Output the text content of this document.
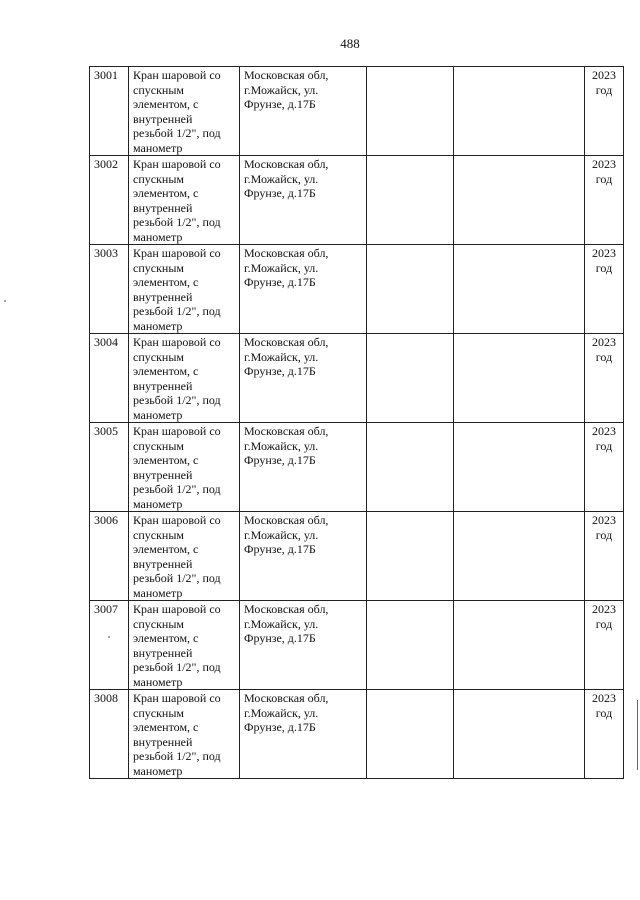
488
3001	Кран шаровой со спускным элементом, с внутренней резьбой 1/2", под манометр	Московская обл, г.Можайск, ул. Фрунзе, д.17Б			2023 год
3002	Кран шаровой со спускным элементом, с внутренней резьбой 1/2", под манометр	Московская обл, г.Можайск, ул. Фрунзе, д.17Б			2023 год
3003	Кран шаровой со спускным элементом, с внутренней резьбой 1/2", под манометр	Московская обл, г.Можайск, ул. Фрунзе, д.17Б			2023 год
3004	Кран шаровой со спускным элементом, с внутренней резьбой 1/2", под манометр	Московская обл, г.Можайск, ул. Фрунзе, д.17Б			2023 год
3005	Кран шаровой со спускным элементом, с внутренней резьбой 1/2", под манометр	Московская обл, г.Можайск, ул. Фрунзе, д.17Б			2023 год
3006	Кран шаровой со спускным элементом, с внутренней резьбой 1/2", под манометр	Московская обл, г.Можайск, ул. Фрунзе, д.17Б			2023 год
3007	Кран шаровой со спускным элементом, с внутренней резьбой 1/2", под манометр	Московская обл, г.Можайск, ул. Фрунзе, д.17Б			2023 год
3008	Кран шаровой со спускным элементом, с внутренней резьбой 1/2", под манометр	Московская обл, г.Можайск, ул. Фрунзе, д.17Б			2023 год
